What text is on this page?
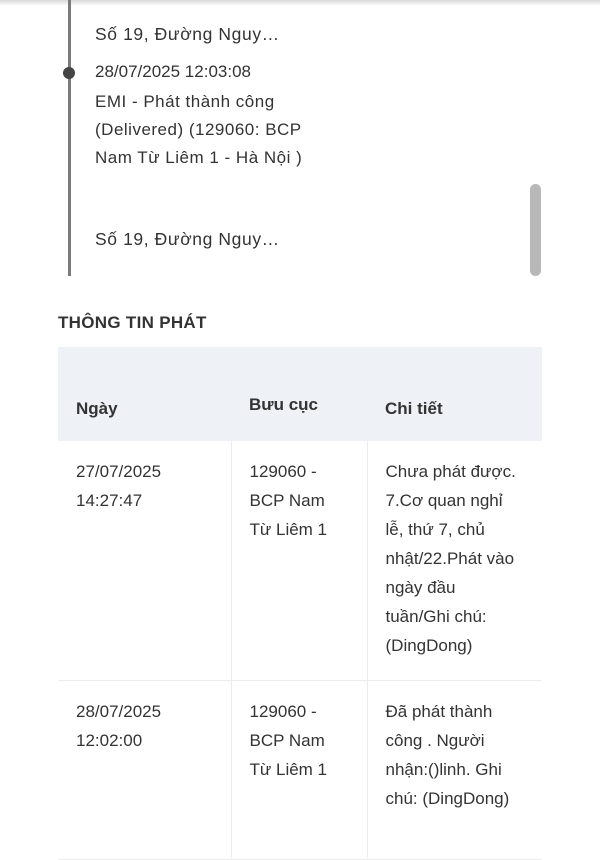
Số 19, Đường Nguy…
28/07/2025 12:03:08
EMI - Phát thành công (Delivered) (129060: BCP Nam Từ Liêm 1 - Hà Nội )
Số 19, Đường Nguy…
THÔNG TIN PHÁT
Ngày	Bưu cục	Chi tiết
27/07/2025 14:27:47	129060 - BCP Nam Từ Liêm 1	Chưa phát được. 7.Cơ quan nghỉ lễ, thứ 7, chủ nhật/22.Phát vào ngày đầu tuần/Ghi chú: (DingDong)
28/07/2025 12:02:00	129060 - BCP Nam Từ Liêm 1	Đã phát thành công . Người nhận:()linh. Ghi chú: (DingDong)
